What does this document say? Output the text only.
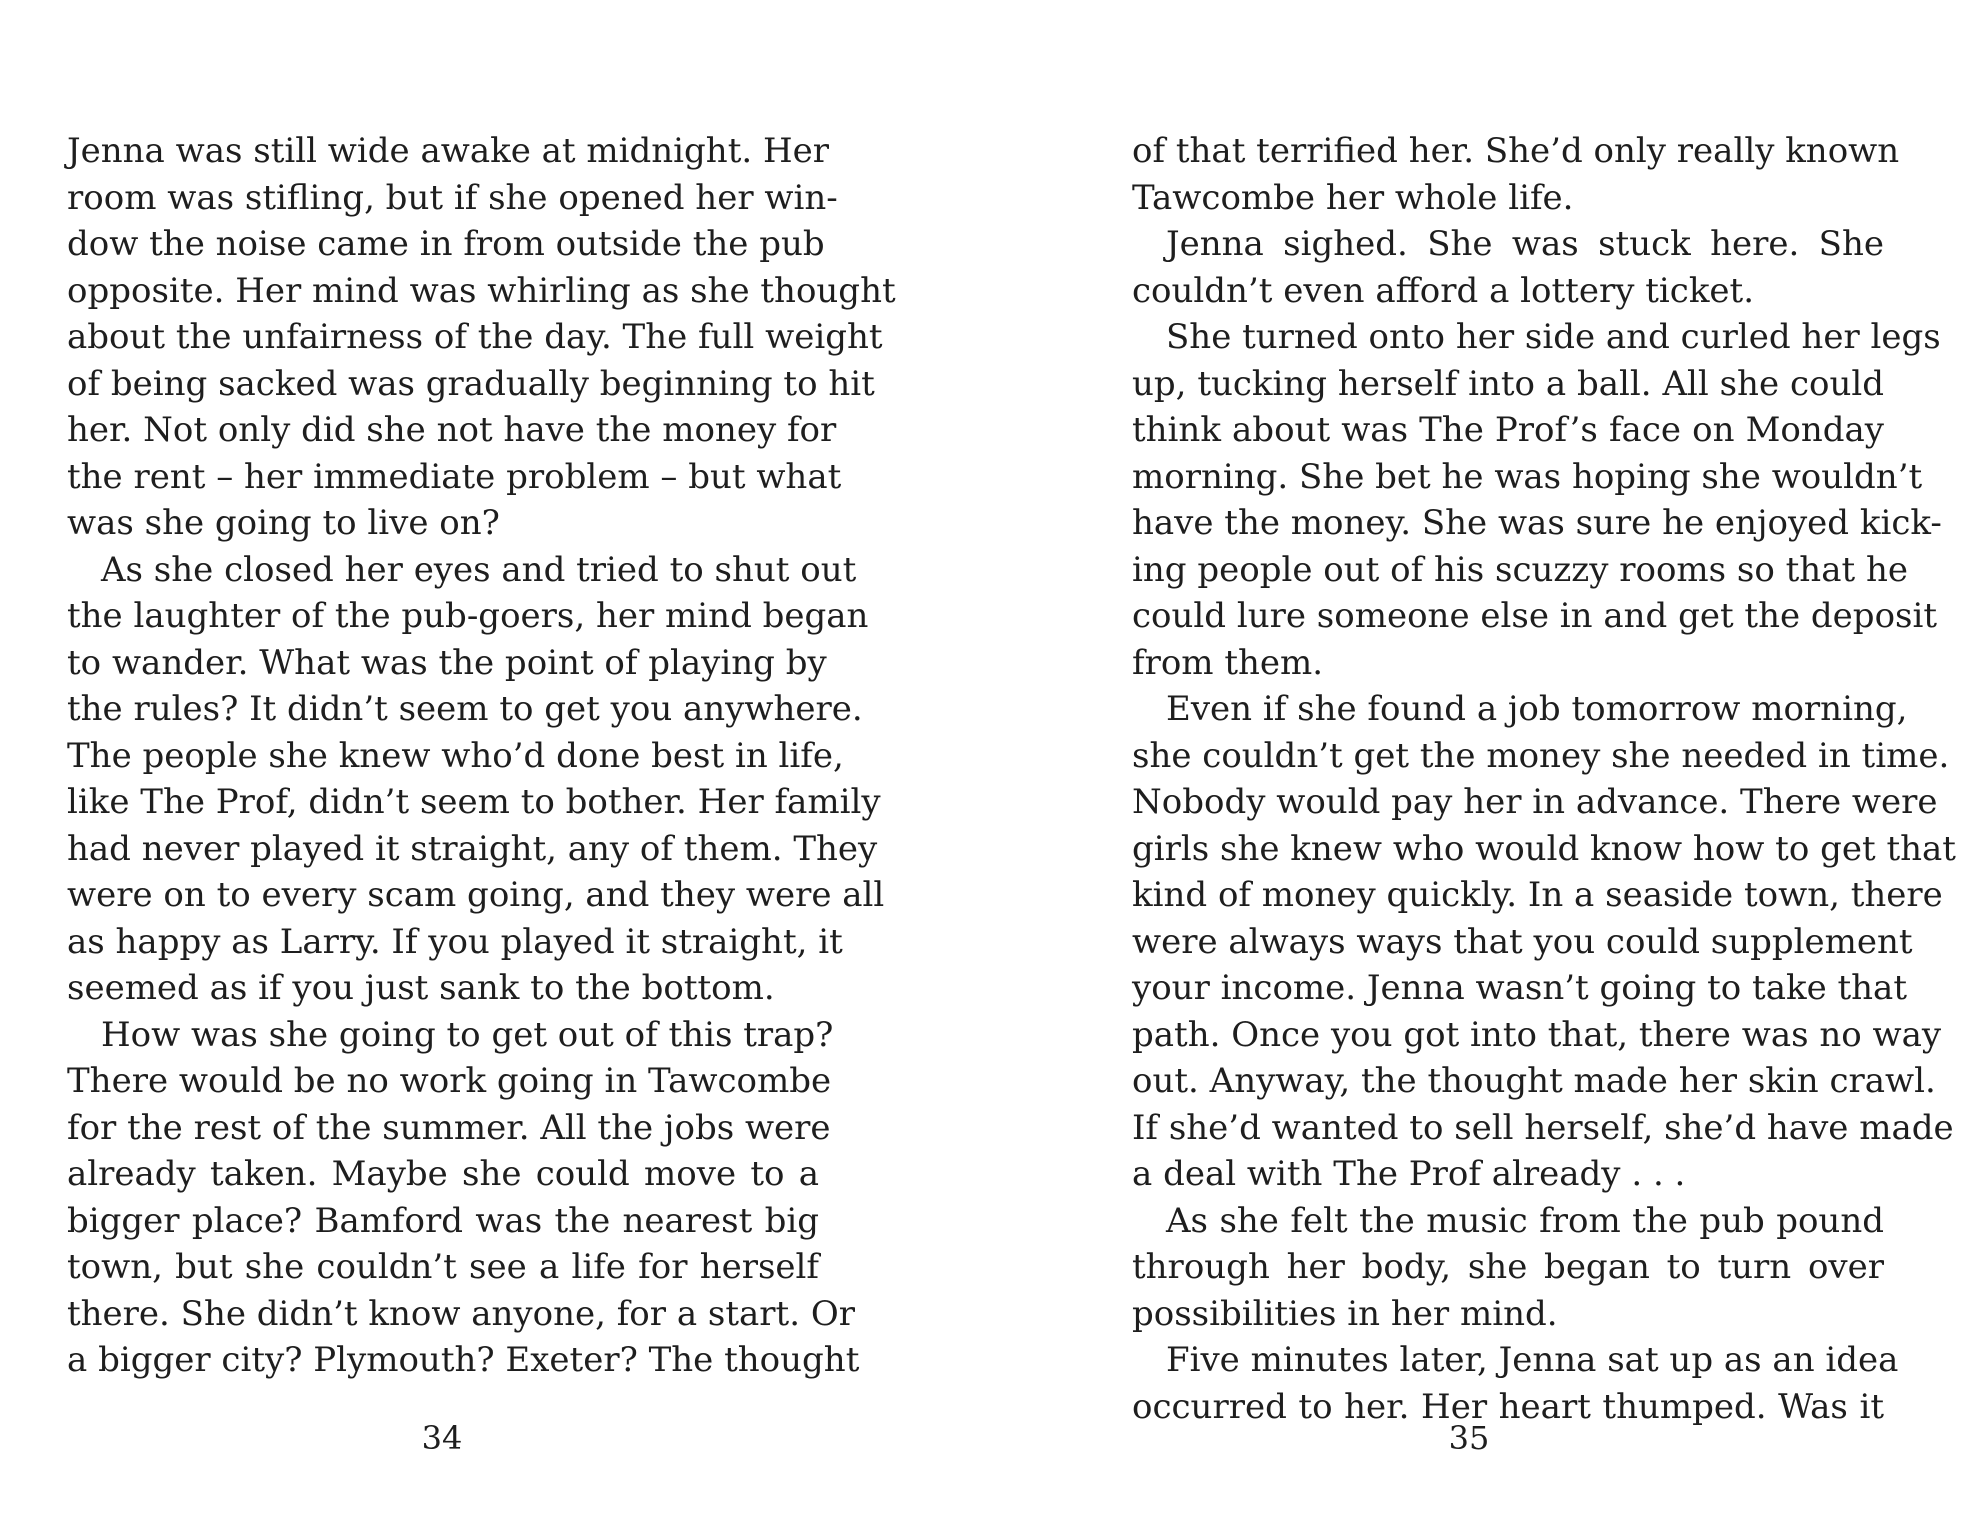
Jenna was still wide awake at midnight. Her
room was stifling, but if she opened her win-
dow the noise came in from outside the pub
opposite. Her mind was whirling as she thought
about the unfairness of the day. The full weight
of being sacked was gradually beginning to hit
her. Not only did she not have the money for
the rent – her immediate problem – but what
was she going to live on?
As she closed her eyes and tried to shut out
the laughter of the pub-goers, her mind began
to wander. What was the point of playing by
the rules? It didn’t seem to get you anywhere.
The people she knew who’d done best in life,
like The Prof, didn’t seem to bother. Her family
had never played it straight, any of them. They
were on to every scam going, and they were all
as happy as Larry. If you played it straight, it
seemed as if you just sank to the bottom.
How was she going to get out of this trap?
There would be no work going in Tawcombe
for the rest of the summer. All the jobs were
already taken. Maybe she could move to a
bigger place? Bamford was the nearest big
town, but she couldn’t see a life for herself
there. She didn’t know anyone, for a start. Or
a bigger city? Plymouth? Exeter? The thought
34
of that terrified her. She’d only really known
Tawcombe her whole life.
Jenna sighed. She was stuck here. She
couldn’t even afford a lottery ticket.
She turned onto her side and curled her legs
up, tucking herself into a ball. All she could
think about was The Prof’s face on Monday
morning. She bet he was hoping she wouldn’t
have the money. She was sure he enjoyed kick-
ing people out of his scuzzy rooms so that he
could lure someone else in and get the deposit
from them.
Even if she found a job tomorrow morning,
she couldn’t get the money she needed in time.
Nobody would pay her in advance. There were
girls she knew who would know how to get that
kind of money quickly. In a seaside town, there
were always ways that you could supplement
your income. Jenna wasn’t going to take that
path. Once you got into that, there was no way
out. Anyway, the thought made her skin crawl.
If she’d wanted to sell herself, she’d have made
a deal with The Prof already . . .
As she felt the music from the pub pound
through her body, she began to turn over
possibilities in her mind.
Five minutes later, Jenna sat up as an idea
occurred to her. Her heart thumped. Was it
35
